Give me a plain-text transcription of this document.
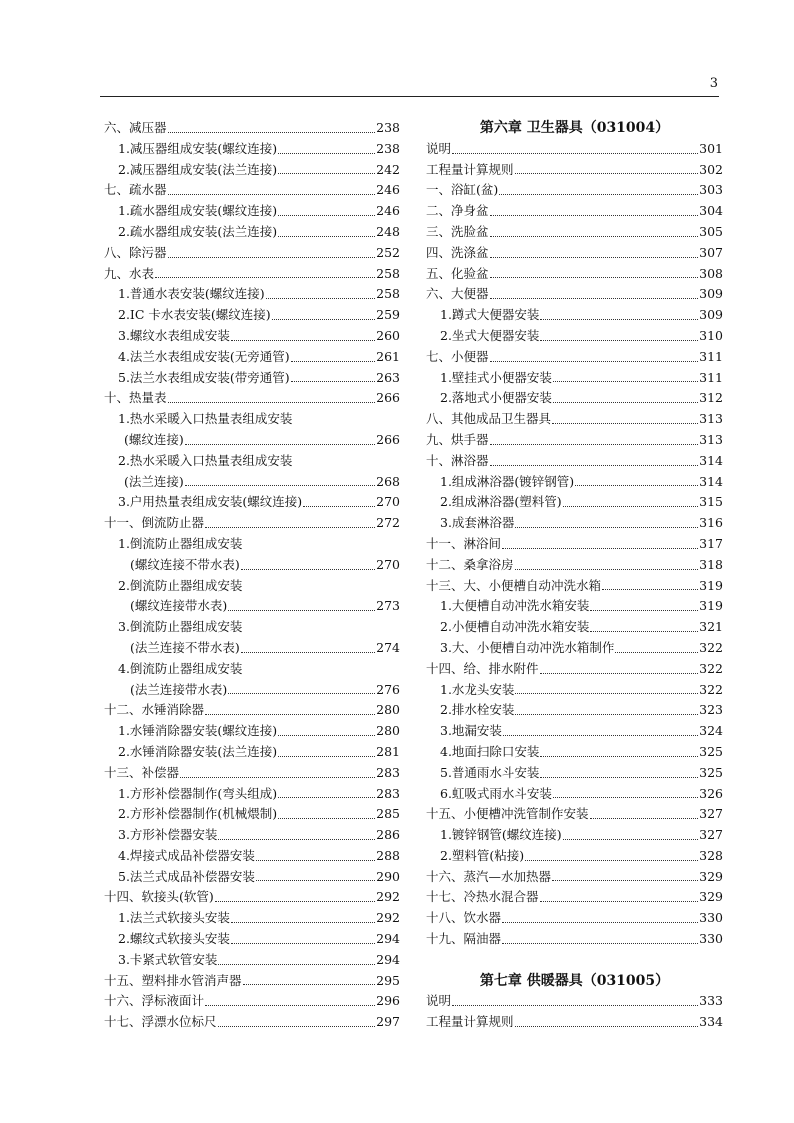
3
六、减压器	238
1.减压器组成安装(螺纹连接)	238
2.减压器组成安装(法兰连接)	242
七、疏水器	246
1.疏水器组成安装(螺纹连接)	246
2.疏水器组成安装(法兰连接)	248
八、除污器	252
九、水表	258
1.普通水表安装(螺纹连接)	258
2.IC 卡水表安装(螺纹连接)	259
3.螺纹水表组成安装	260
4.法兰水表组成安装(无旁通管)	261
5.法兰水表组成安装(带旁通管)	263
十、热量表	266
1.热水采暖入口热量表组成安装
(螺纹连接)	266
2.热水采暖入口热量表组成安装
(法兰连接)	268
3.户用热量表组成安装(螺纹连接)	270
十一、倒流防止器	272
1.倒流防止器组成安装
(螺纹连接不带水表)	270
2.倒流防止器组成安装
(螺纹连接带水表)	273
3.倒流防止器组成安装
(法兰连接不带水表)	274
4.倒流防止器组成安装
(法兰连接带水表)	276
十二、水锤消除器	280
1.水锤消除器安装(螺纹连接)	280
2.水锤消除器安装(法兰连接)	281
十三、补偿器	283
1.方形补偿器制作(弯头组成)	283
2.方形补偿器制作(机械煨制)	285
3.方形补偿器安装	286
4.焊接式成品补偿器安装	288
5.法兰式成品补偿器安装	290
十四、软接头(软管)	292
1.法兰式软接头安装	292
2.螺纹式软接头安装	294
3.卡紧式软管安装	294
十五、塑料排水管消声器	295
十六、浮标液面计	296
十七、浮漂水位标尺	297
第六章 卫生器具（031004）
说明	301
工程量计算规则	302
一、浴缸(盆)	303
二、净身盆	304
三、洗脸盆	305
四、洗涤盆	307
五、化验盆	308
六、大便器	309
1.蹲式大便器安装	309
2.坐式大便器安装	310
七、小便器	311
1.壁挂式小便器安装	311
2.落地式小便器安装	312
八、其他成品卫生器具	313
九、烘手器	313
十、淋浴器	314
1.组成淋浴器(镀锌钢管)	314
2.组成淋浴器(塑料管)	315
3.成套淋浴器	316
十一、淋浴间	317
十二、桑拿浴房	318
十三、大、小便槽自动冲洗水箱	319
1.大便槽自动冲洗水箱安装	319
2.小便槽自动冲洗水箱安装	321
3.大、小便槽自动冲洗水箱制作	322
十四、给、排水附件	322
1.水龙头安装	322
2.排水栓安装	323
3.地漏安装	324
4.地面扫除口安装	325
5.普通雨水斗安装	325
6.虹吸式雨水斗安装	326
十五、小便槽冲洗管制作安装	327
1.镀锌钢管(螺纹连接)	327
2.塑料管(粘接)	328
十六、蒸汽—水加热器	329
十七、冷热水混合器	329
十八、饮水器	330
十九、隔油器	330
第七章 供暖器具（031005）
说明	333
工程量计算规则	334
